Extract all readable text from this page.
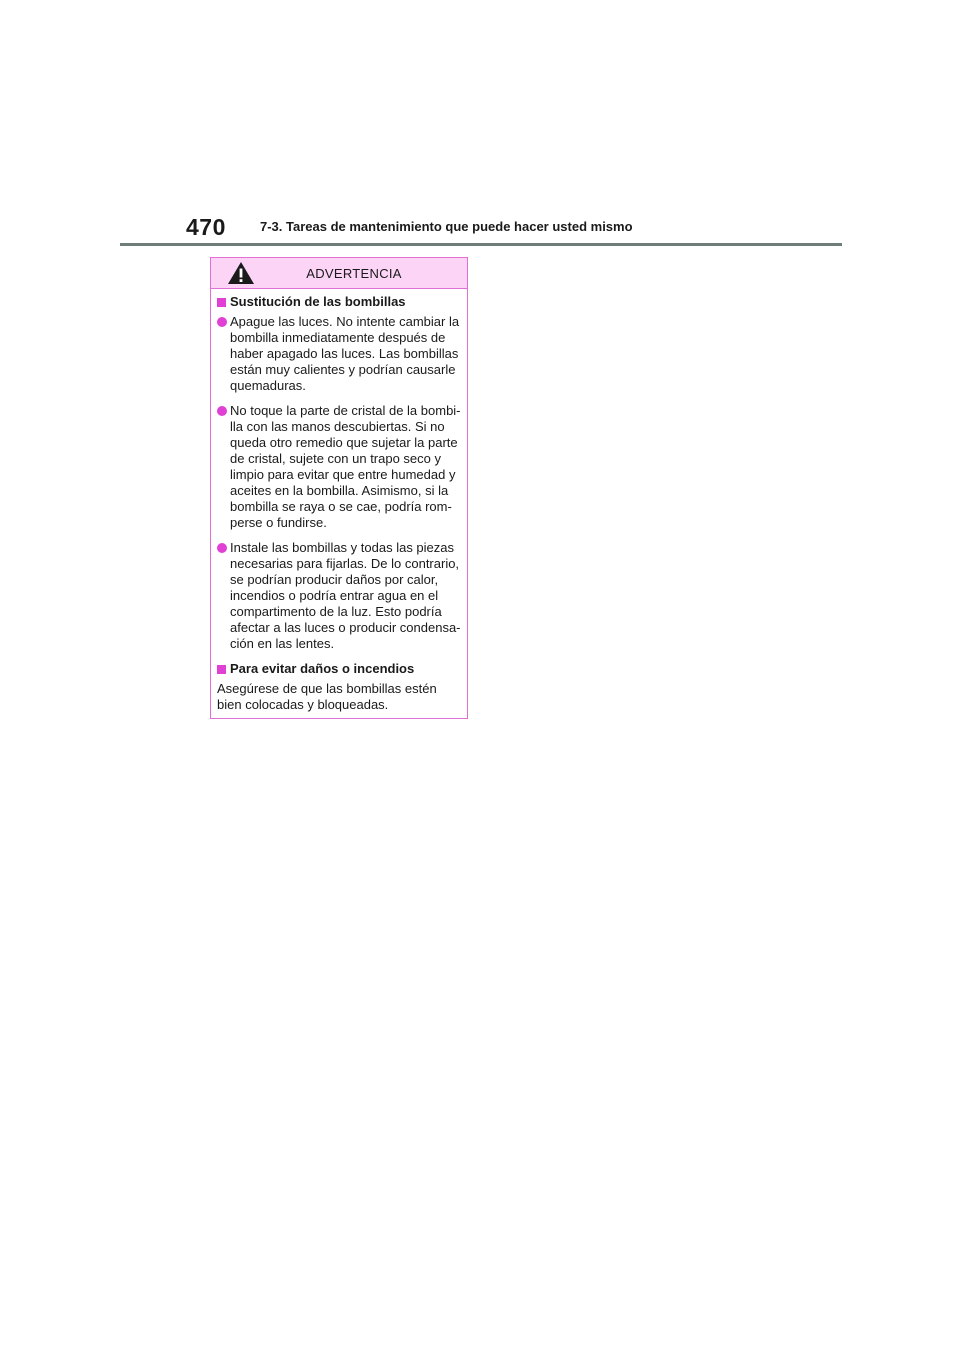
470	7-3. Tareas de mantenimiento que puede hacer usted mismo
ADVERTENCIA
Sustitución de las bombillas
Apague las luces. No intente cambiar la bombilla inmediatamente después de haber apagado las luces. Las bombillas están muy calientes y podrían causarle quemaduras.
No toque la parte de cristal de la bombi-lla con las manos descubiertas. Si no queda otro remedio que sujetar la parte de cristal, sujete con un trapo seco y limpio para evitar que entre humedad y aceites en la bombilla. Asimismo, si la bombilla se raya o se cae, podría rom-perse o fundirse.
Instale las bombillas y todas las piezas necesarias para fijarlas. De lo contrario, se podrían producir daños por calor, incendios o podría entrar agua en el compartimento de la luz. Esto podría afectar a las luces o producir condensa-ción en las lentes.
Para evitar daños o incendios
Asegúrese de que las bombillas estén bien colocadas y bloqueadas.
